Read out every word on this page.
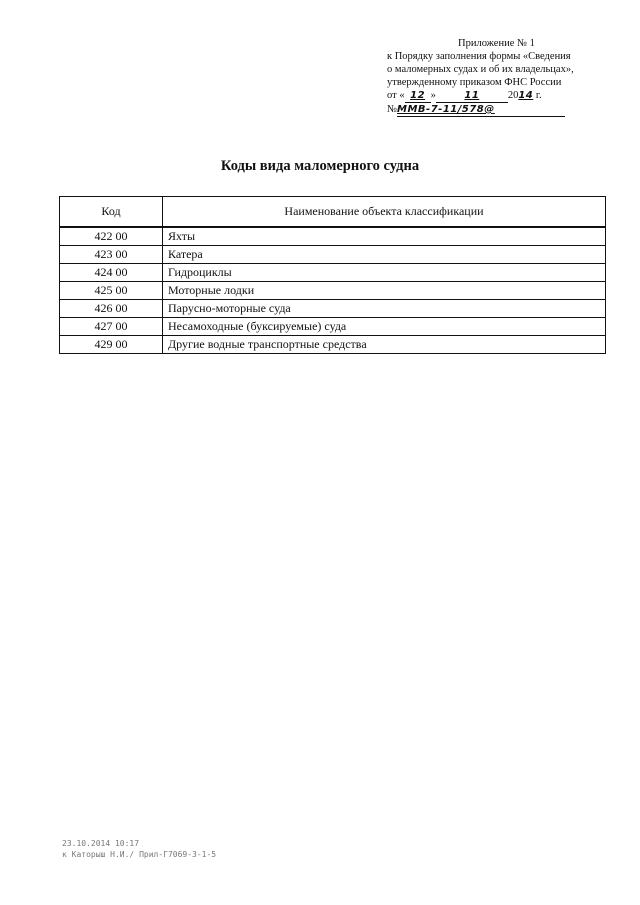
Приложение № 1
к Порядку заполнения формы «Сведения
о маломерных судах и об их владельцах»,
утвержденному приказом ФНС России
от « 12 »	11	2014 г.
№ММВ-7-11/578@
Коды вида маломерного судна
Код	Наименование объекта классификации
422 00	Яхты
423 00	Катера
424 00	Гидроциклы
425 00	Моторные лодки
426 00	Парусно-моторные суда
427 00	Несамоходные (буксируемые) суда
429 00	Другие водные транспортные средства
23.10.2014 10:17
к Каторыш Н.И./ Прил-Г7069-3-1-5
